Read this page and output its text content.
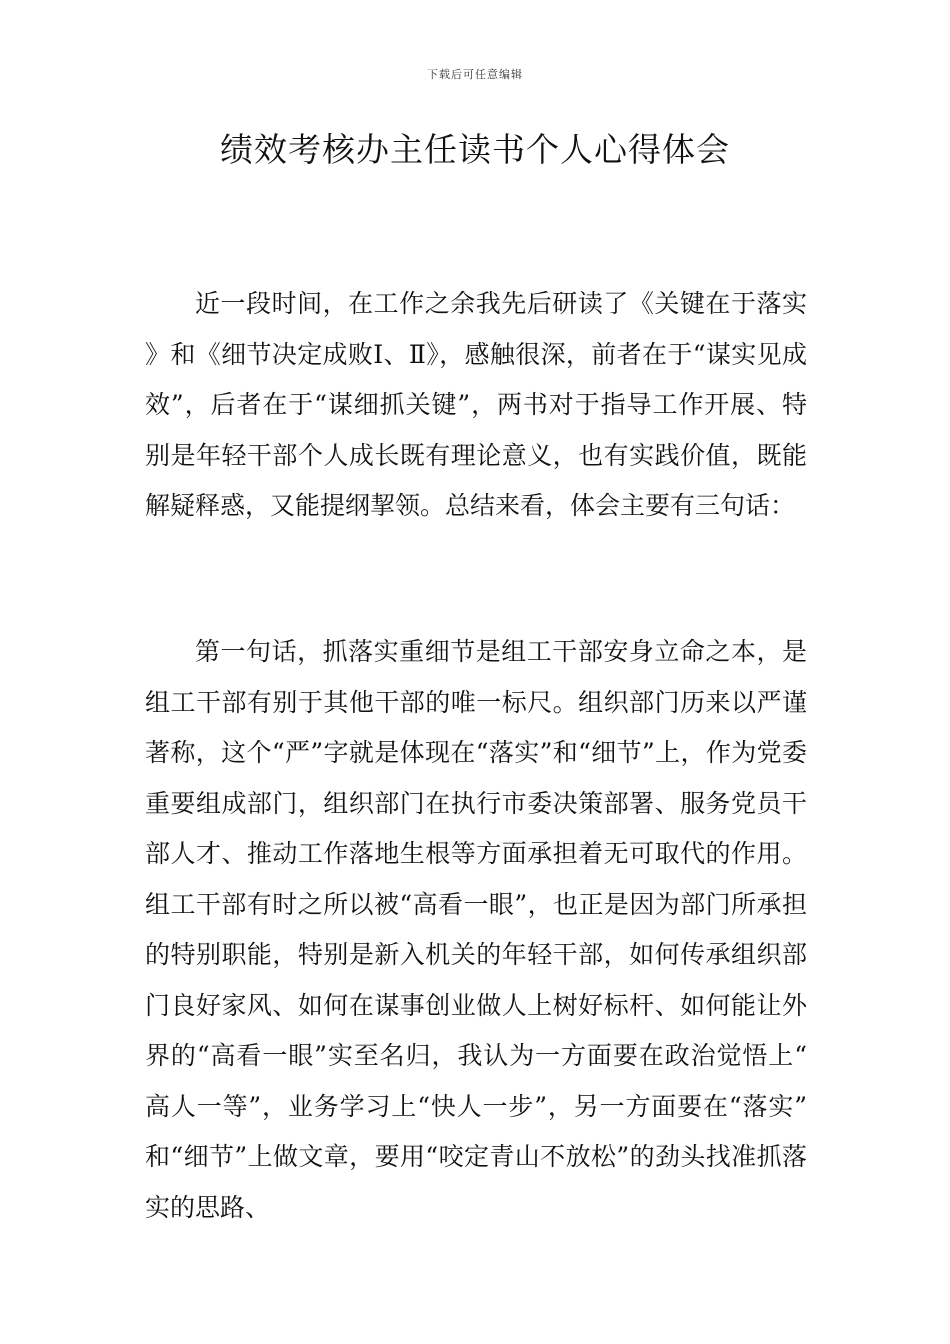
下载后可任意编辑
绩效考核办主任读书个人心得体会

近一段时间，在工作之余我先后研读了《关键在于落实》和《细节决定成败Ⅰ、Ⅱ》，感触很深，前者在于“谋实见成效”，后者在于“谋细抓关键”，两书对于指导工作开展、特别是年轻干部个人成长既有理论意义，也有实践价值，既能解疑释惑，又能提纲挈领。总结来看，体会主要有三句话：

第一句话，抓落实重细节是组工干部安身立命之本，是组工干部有别于其他干部的唯一标尺。组织部门历来以严谨著称，这个“严”字就是体现在“落实”和“细节”上，作为党委重要组成部门，组织部门在执行市委决策部署、服务党员干部人才、推动工作落地生根等方面承担着无可取代的作用。组工干部有时之所以被“高看一眼”，也正是因为部门所承担的特别职能，特别是新入机关的年轻干部，如何传承组织部门良好家风、如何在谋事创业做人上树好标杆、如何能让外界的“高看一眼”实至名归，我认为一方面要在政治觉悟上“高人一等”，业务学习上“快人一步”，另一方面要在“落实”和“细节”上做文章，要用“咬定青山不放松”的劲头找准抓落实的思路、
